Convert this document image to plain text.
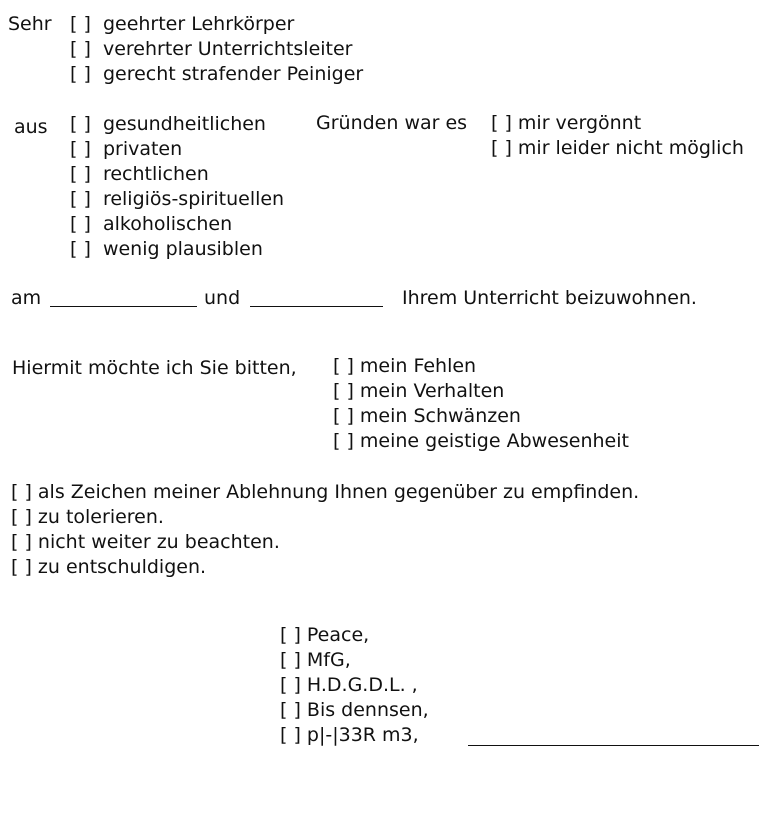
Sehr [ ]  geehrter Lehrkörper
[ ]  verehrter Unterrichtsleiter
[ ]  gerecht strafender Peiniger
aus [ ]  gesundheitlichen
[ ]  privaten
[ ]  rechtlichen
[ ]  religiös-spirituellen
[ ]  alkoholischen
[ ]  wenig plausiblen
Gründen war es [ ] mir vergönnt
[ ] mir leider nicht möglich
am	und	Ihrem Unterricht beizuwohnen.
Hiermit möchte ich Sie bitten, [ ] mein Fehlen
[ ] mein Verhalten
[ ] mein Schwänzen
[ ] meine geistige Abwesenheit
[ ] als Zeichen meiner Ablehnung Ihnen gegenüber zu empfinden.
[ ] zu tolerieren.
[ ] nicht weiter zu beachten.
[ ] zu entschuldigen.
[ ] Peace,
[ ] MfG,
[ ] H.D.G.D.L. ,
[ ] Bis dennsen,
[ ] p|-|33R m3,
